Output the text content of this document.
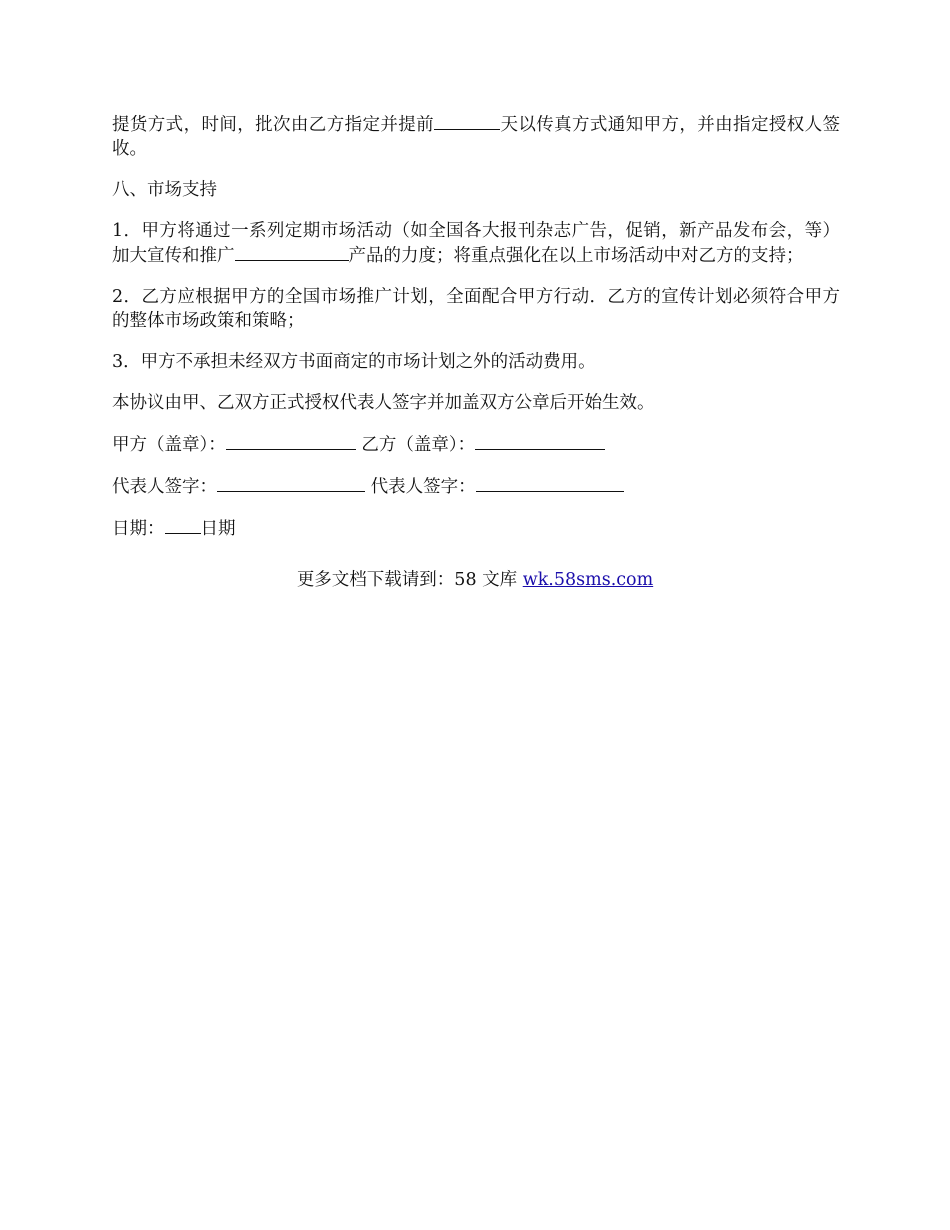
提货方式，时间，批次由乙方指定并提前	天以传真方式通知甲方，并由指定授权人签收。

八、市场支持

1．甲方将通过一系列定期市场活动（如全国各大报刊杂志广告，促销，新产品发布会，等）加大宣传和推广	产品的力度；将重点强化在以上市场活动中对乙方的支持；

2．乙方应根据甲方的全国市场推广计划，全面配合甲方行动．乙方的宣传计划必须符合甲方的整体市场政策和策略；

3．甲方不承担未经双方书面商定的市场计划之外的活动费用。

本协议由甲、乙双方正式授权代表人签字并加盖双方公章后开始生效。

甲方（盖章）：	乙方（盖章）：

代表人签字：	代表人签字：

日期： 日期

更多文档下载请到：58 文库 wk.58sms.com
